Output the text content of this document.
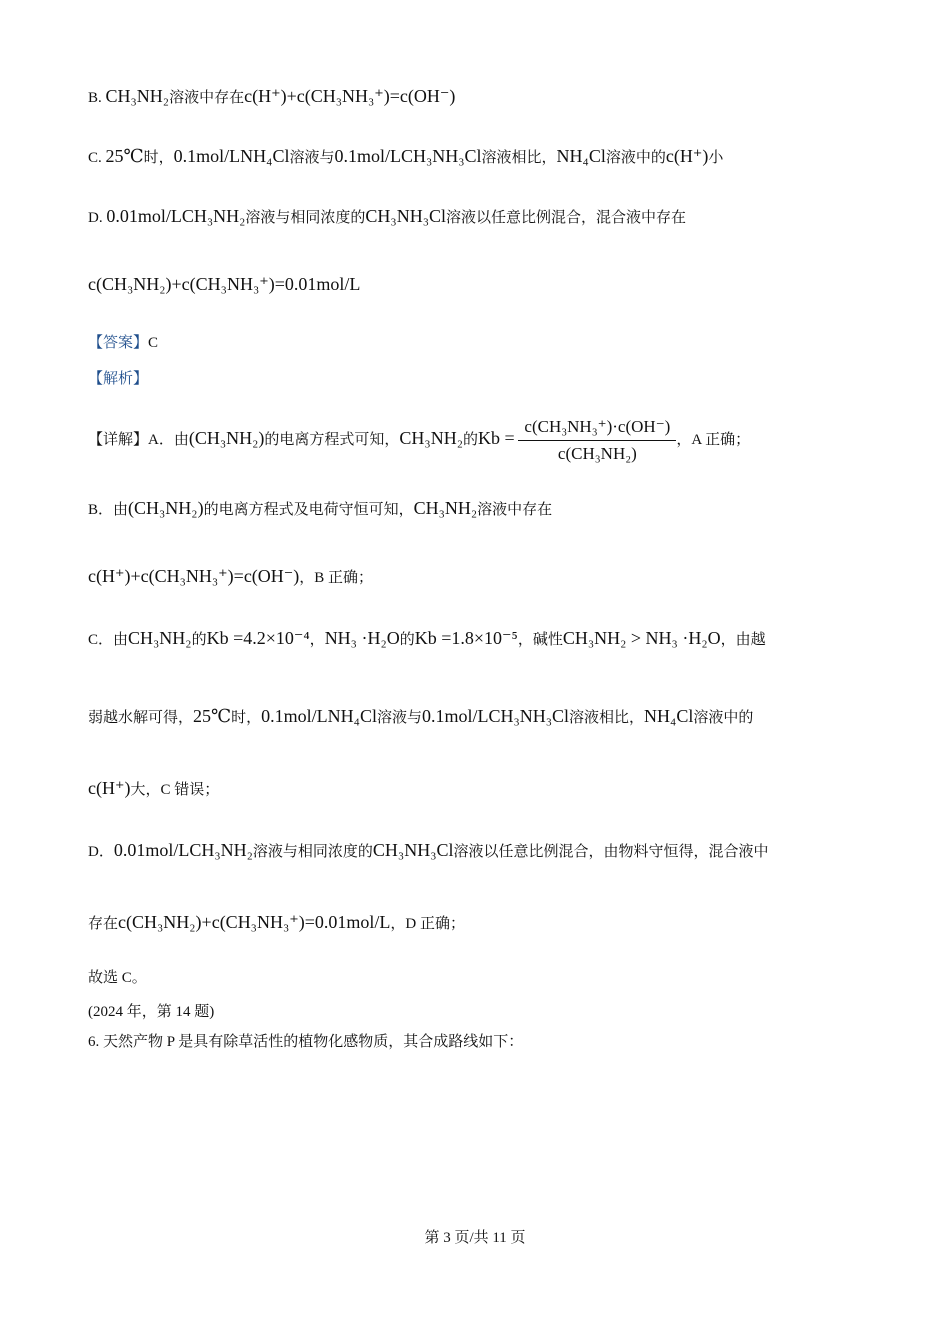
B. CH₃NH₂溶液中存在c(H⁺)+c(CH₃NH₃⁺)=c(OH⁻)
C. 25℃时，0.1mol/LNH₄Cl溶液与0.1mol/LCH₃NH₃Cl溶液相比，NH₄Cl溶液中的c(H⁺)小
D. 0.01mol/LCH₃NH₂溶液与相同浓度的CH₃NH₃Cl溶液以任意比例混合，混合液中存在
c(CH₃NH₂)+c(CH₃NH₃⁺)=0.01mol/L
【答案】C
【解析】
【详解】A．由(CH₃NH₂)的电离方程式可知，CH₃NH₂的$Kb = \frac{\text{c(CH₃NH₃⁺)·c(OH⁻)}}{\text{c(CH₃NH₂)}}$ ，A 正确；
B．由(CH₃NH₂)的电离方程式及电荷守恒可知，CH₃NH₂溶液中存在
c(H⁺)+c(CH₃NH₃⁺)=c(OH⁻)，B 正确；
C．由CH₃NH₂的Kb =4.2×10⁻⁴，NH₃ ·H₂O的Kb =1.8×10⁻⁵，碱性CH₃NH₂ > NH₃ ·H₂O，由越
弱越水解可得，25℃时，0.1mol/LNH₄Cl溶液与0.1mol/LCH₃NH₃Cl溶液相比，NH₄Cl溶液中的
c(H⁺)大，C 错误；
D．0.01mol/LCH₃NH₂溶液与相同浓度的CH₃NH₃Cl溶液以任意比例混合，由物料守恒得，混合液中
存在c(CH₃NH₂)+c(CH₃NH₃⁺)=0.01mol/L，D 正确；
故选 C。
(2024 年，第 14 题)
6. 天然产物 P 是具有除草活性的植物化感物质，其合成路线如下：
第 3 页/共 11 页
